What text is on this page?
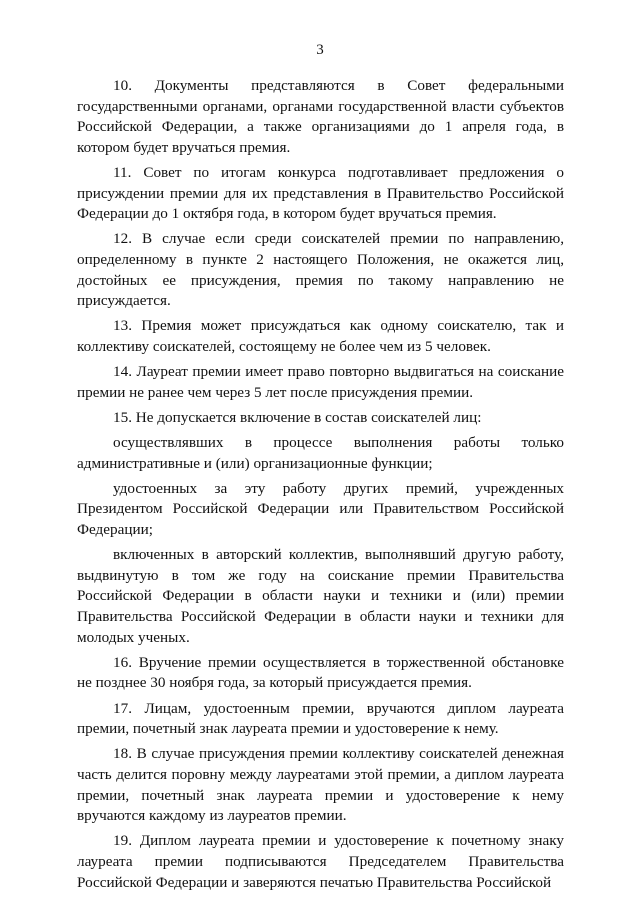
3

10. Документы представляются в Совет федеральными государственными органами, органами государственной власти субъектов Российской Федерации, а также организациями до 1 апреля года, в котором будет вручаться премия.

11. Совет по итогам конкурса подготавливает предложения о присуждении премии для их представления в Правительство Российской Федерации до 1 октября года, в котором будет вручаться премия.

12. В случае если среди соискателей премии по направлению, определенному в пункте 2 настоящего Положения, не окажется лиц, достойных ее присуждения, премия по такому направлению не присуждается.

13. Премия может присуждаться как одному соискателю, так и коллективу соискателей, состоящему не более чем из 5 человек.

14. Лауреат премии имеет право повторно выдвигаться на соискание премии не ранее чем через 5 лет после присуждения премии.

15. Не допускается включение в состав соискателей лиц:

осуществлявших в процессе выполнения работы только административные и (или) организационные функции;

удостоенных за эту работу других премий, учрежденных Президентом Российской Федерации или Правительством Российской Федерации;

включенных в авторский коллектив, выполнявший другую работу, выдвинутую в том же году на соискание премии Правительства Российской Федерации в области науки и техники и (или) премии Правительства Российской Федерации в области науки и техники для молодых ученых.

16. Вручение премии осуществляется в торжественной обстановке не позднее 30 ноября года, за который присуждается премия.

17. Лицам, удостоенным премии, вручаются диплом лауреата премии, почетный знак лауреата премии и удостоверение к нему.

18. В случае присуждения премии коллективу соискателей денежная часть делится поровну между лауреатами этой премии, а диплом лауреата премии, почетный знак лауреата премии и удостоверение к нему вручаются каждому из лауреатов премии.

19. Диплом лауреата премии и удостоверение к почетному знаку лауреата премии подписываются Председателем Правительства Российской Федерации и заверяются печатью Правительства Российской
